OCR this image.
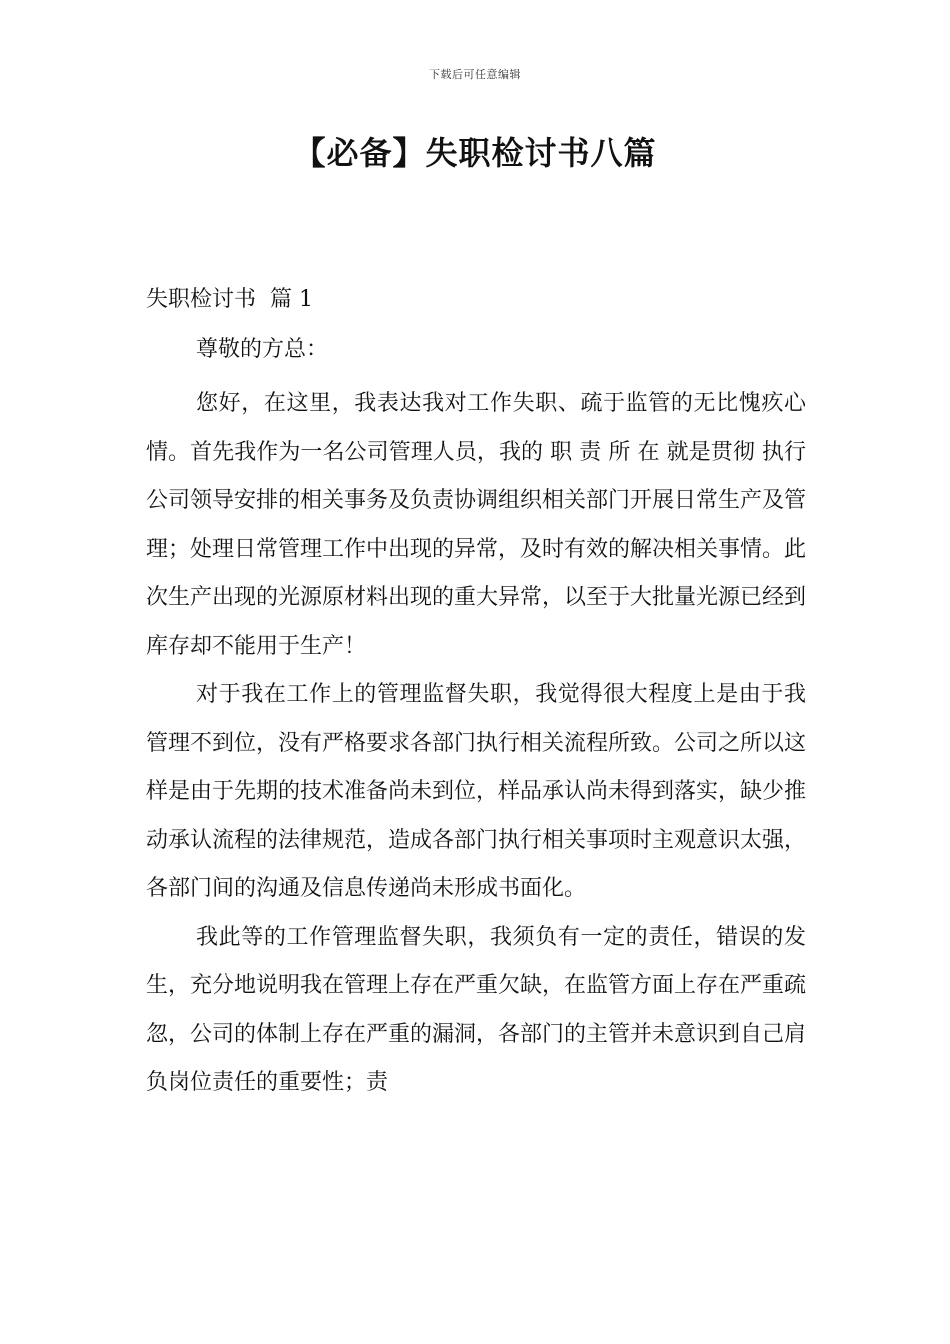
下载后可任意编辑
【必备】失职检讨书八篇
失职检讨书  篇 1
尊敬的方总：

您好，在这里，我表达我对工作失职、疏于监管的无比愧疚心情。首先我作为一名公司管理人员，我的 职 责 所 在 就是贯彻 执行公司领导安排的相关事务及负责协调组织相关部门开展日常生产及管理；处理日常管理工作中出现的异常，及时有效的解决相关事情。此次生产出现的光源原材料出现的重大异常，以至于大批量光源已经到库存却不能用于生产！

对于我在工作上的管理监督失职，我觉得很大程度上是由于我管理不到位，没有严格要求各部门执行相关流程所致。公司之所以这样是由于先期的技术准备尚未到位，样品承认尚未得到落实，缺少推动承认流程的法律规范，造成各部门执行相关事项时主观意识太强，各部门间的沟通及信息传递尚未形成书面化。

我此等的工作管理监督失职，我须负有一定的责任，错误的发生，充分地说明我在管理上存在严重欠缺，在监管方面上存在严重疏忽，公司的体制上存在严重的漏洞，各部门的主管并未意识到自己肩负岗位责任的重要性；责
